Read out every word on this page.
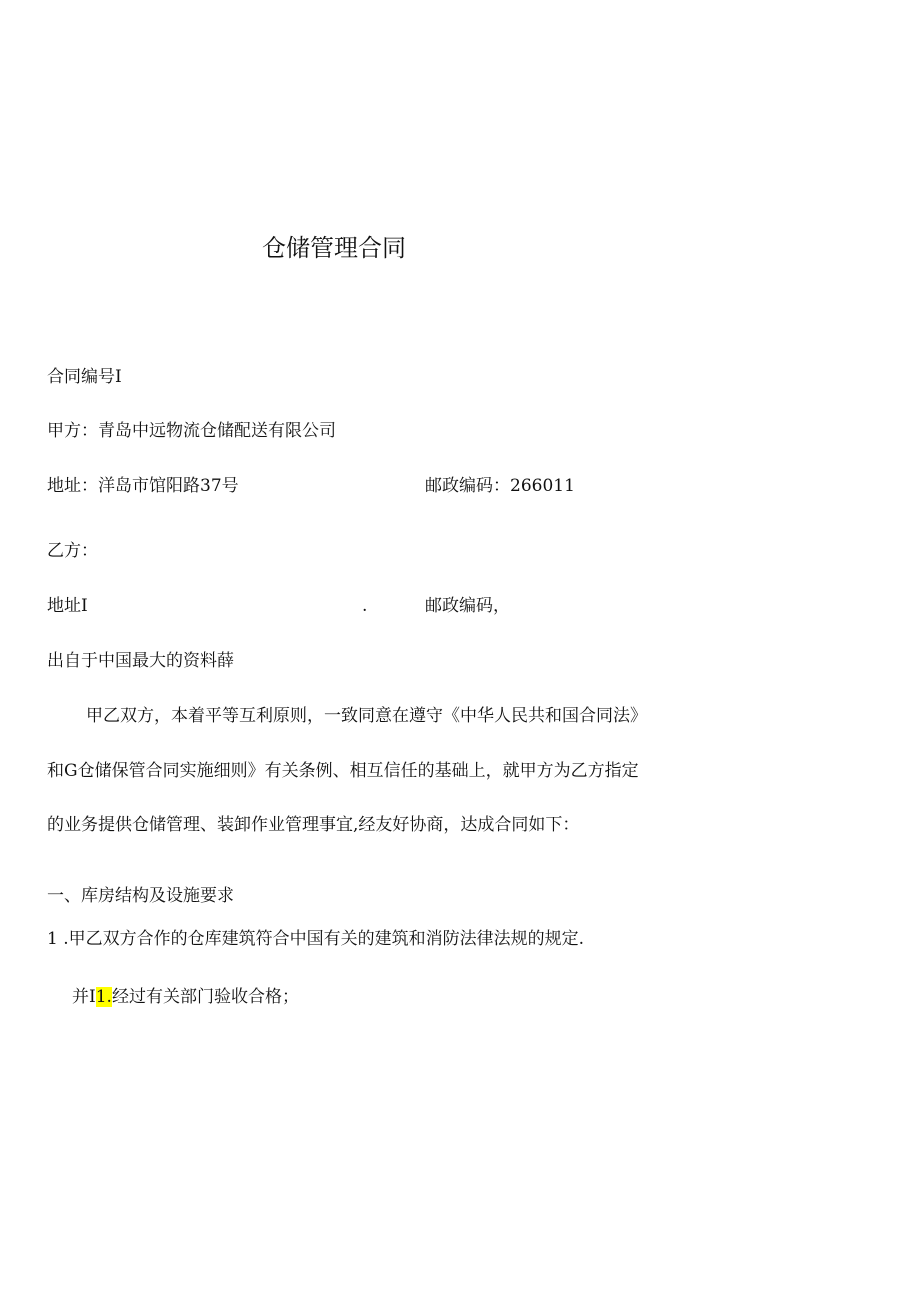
仓储管理合同
合同编号I
甲方：青岛中远物流仓储配送有限公司
地址：洋岛市馆阳路37号	邮政编码：266011
乙方：
地址I	.	邮政编码，
出自于中国最大的资料薛
甲乙双方，本着平等互利原则，一致同意在遵守《中华人民共和国合同法》
和G仓储保管合同实施细则》有关条例、相互信任的基础上，就甲方为乙方指定
的业务提供仓储管理、装卸作业管理事宜,经友好协商，达成合同如下：
一、库房结构及设施要求
1 .甲乙双方合作的仓库建筑符合中国有关的建筑和消防法律法规的规定.
并I1.经过有关部门验收合格；
